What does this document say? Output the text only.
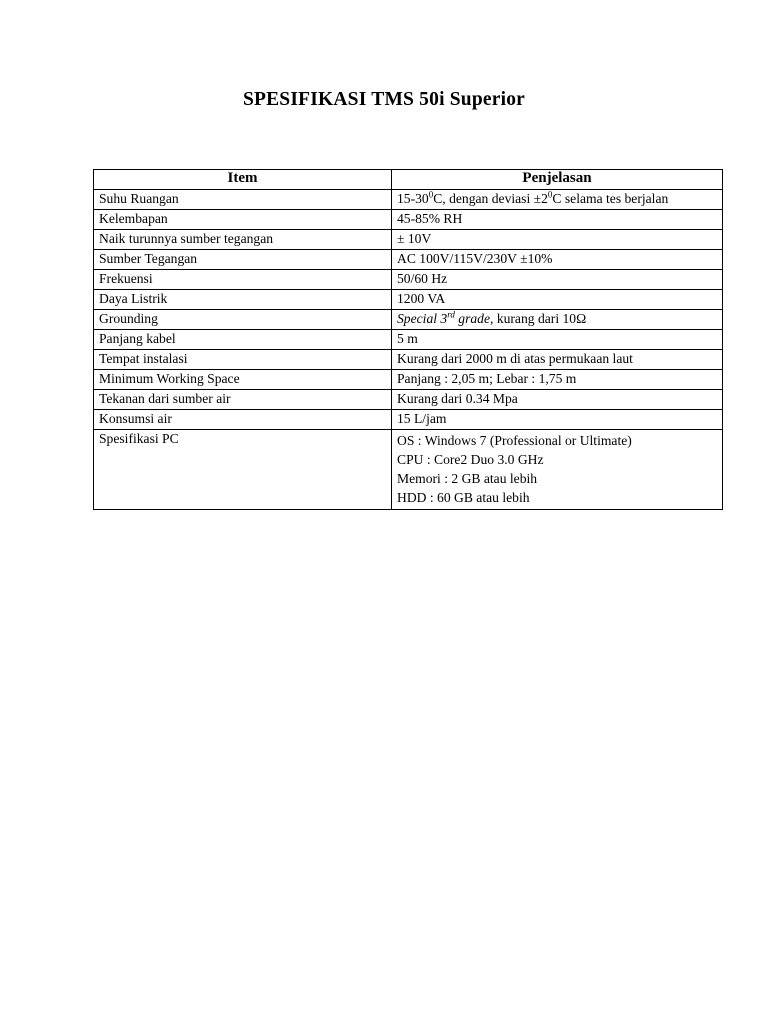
SPESIFIKASI TMS 50i Superior
Item	Penjelasan
Suhu Ruangan	$15-30^0C$, dengan deviasi $\pm 2^0C$ selama tes berjalan
Kelembapan	45-85% RH
Naik turunnya sumber tegangan	± 10V
Sumber Tegangan	AC 100V/115V/230V ±10%
Frekuensi	50/60 Hz
Daya Listrik	1200 VA
Grounding	Special 3rd grade, kurang dari 10Ω
Panjang kabel	5 m
Tempat instalasi	Kurang dari 2000 m di atas permukaan laut
Minimum Working Space	Panjang : 2,05 m; Lebar : 1,75 m
Tekanan dari sumber air	Kurang dari 0.34 Mpa
Konsumsi air	15 L/jam
Spesifikasi PC	OS : Windows 7 (Professional or Ultimate)
CPU : Core2 Duo 3.0 GHz
Memori : 2 GB atau lebih
HDD : 60 GB atau lebih
